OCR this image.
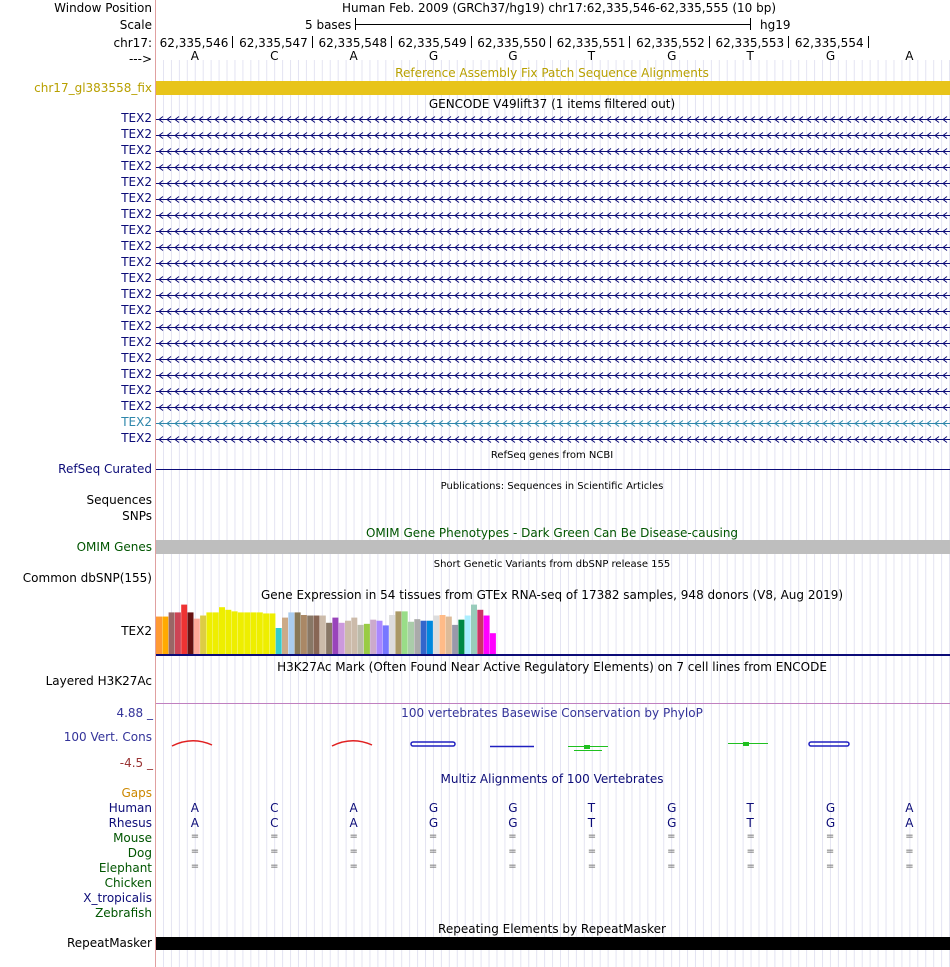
Window Position	Human Feb. 2009 (GRCh37/hg19) chr17:62,335,546-62,335,555 (10 bp)
Scale	5 bases	hg19
chr17: 62,335,546 62,335,547 62,335,548 62,335,549 62,335,550 62,335,551 62,335,552 62,335,553 62,335,554
--->	A	C	A	G	G	T	G	T	G	A
Reference Assembly Fix Patch Sequence Alignments
chr17_gl383558_fix
GENCODE V49lift37 (1 items filtered out)
TEX2
TEX2
TEX2
TEX2
TEX2
TEX2
TEX2
TEX2
TEX2
TEX2
TEX2
TEX2
TEX2
TEX2
TEX2
TEX2
TEX2
TEX2
TEX2
TEX2
TEX2
RefSeq genes from NCBI
RefSeq Curated
Publications: Sequences in Scientific Articles
Sequences
SNPs
OMIM Gene Phenotypes - Dark Green Can Be Disease-causing
OMIM Genes
Short Genetic Variants from dbSNP release 155
Common dbSNP(155)
Gene Expression in 54 tissues from GTEx RNA-seq of 17382 samples, 948 donors (V8, Aug 2019)
TEX2
H3K27Ac Mark (Often Found Near Active Regulatory Elements) on 7 cell lines from ENCODE
Layered H3K27Ac
100 vertebrates Basewise Conservation by PhyloP
4.88 _
100 Vert. Cons
-4.5 _
Multiz Alignments of 100 Vertebrates
Gaps
Human	A	C	A	G	G	T	G	T	G	A
Rhesus	A	C	A	G	G	T	G	T	G	A
Mouse	=	=	=	=	=	=	=	=	=	=
Dog	=	=	=	=	=	=	=	=	=	=
Elephant	=	=	=	=	=	=	=	=	=	=
Chicken
X_tropicalis
Zebrafish
Repeating Elements by RepeatMasker
RepeatMasker
